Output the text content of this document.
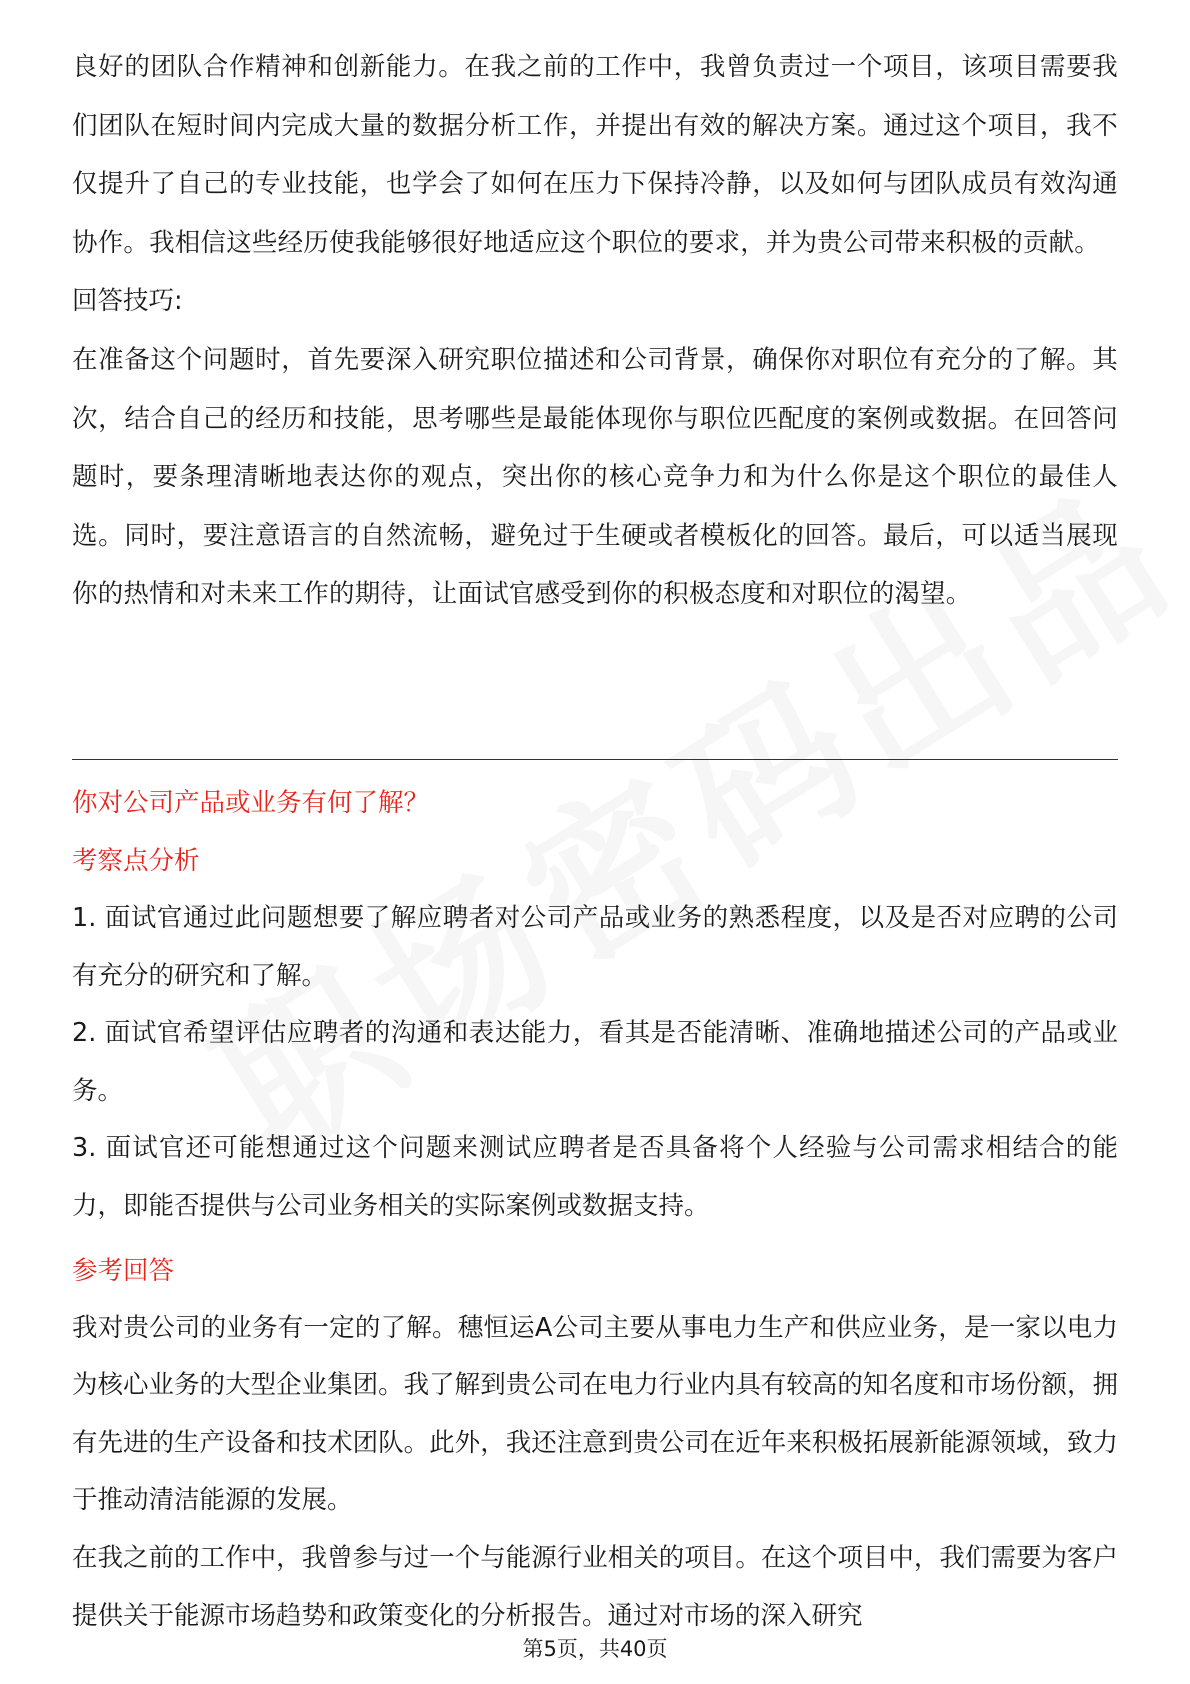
良好的团队合作精神和创新能力。在我之前的工作中，我曾负责过一个项目，该项目需要我们团队在短时间内完成大量的数据分析工作，并提出有效的解决方案。通过这个项目，我不仅提升了自己的专业技能，也学会了如何在压力下保持冷静，以及如何与团队成员有效沟通协作。我相信这些经历使我能够很好地适应这个职位的要求，并为贵公司带来积极的贡献。

回答技巧:

在准备这个问题时，首先要深入研究职位描述和公司背景，确保你对职位有充分的了解。其次，结合自己的经历和技能，思考哪些是最能体现你与职位匹配度的案例或数据。在回答问题时，要条理清晰地表达你的观点，突出你的核心竞争力和为什么你是这个职位的最佳人选。同时，要注意语言的自然流畅，避免过于生硬或者模板化的回答。最后，可以适当展现你的热情和对未来工作的期待，让面试官感受到你的积极态度和对职位的渴望。

你对公司产品或业务有何了解？

考察点分析

1. 面试官通过此问题想要了解应聘者对公司产品或业务的熟悉程度，以及是否对应聘的公司有充分的研究和了解。

2. 面试官希望评估应聘者的沟通和表达能力，看其是否能清晰、准确地描述公司的产品或业务。

3. 面试官还可能想通过这个问题来测试应聘者是否具备将个人经验与公司需求相结合的能力，即能否提供与公司业务相关的实际案例或数据支持。

参考回答

我对贵公司的业务有一定的了解。穗恒运A公司主要从事电力生产和供应业务，是一家以电力为核心业务的大型企业集团。我了解到贵公司在电力行业内具有较高的知名度和市场份额，拥有先进的生产设备和技术团队。此外，我还注意到贵公司在近年来积极拓展新能源领域，致力于推动清洁能源的发展。

在我之前的工作中，我曾参与过一个与能源行业相关的项目。在这个项目中，我们需要为客户提供关于能源市场趋势和政策变化的分析报告。通过对市场的深入研究

第5页，共40页
